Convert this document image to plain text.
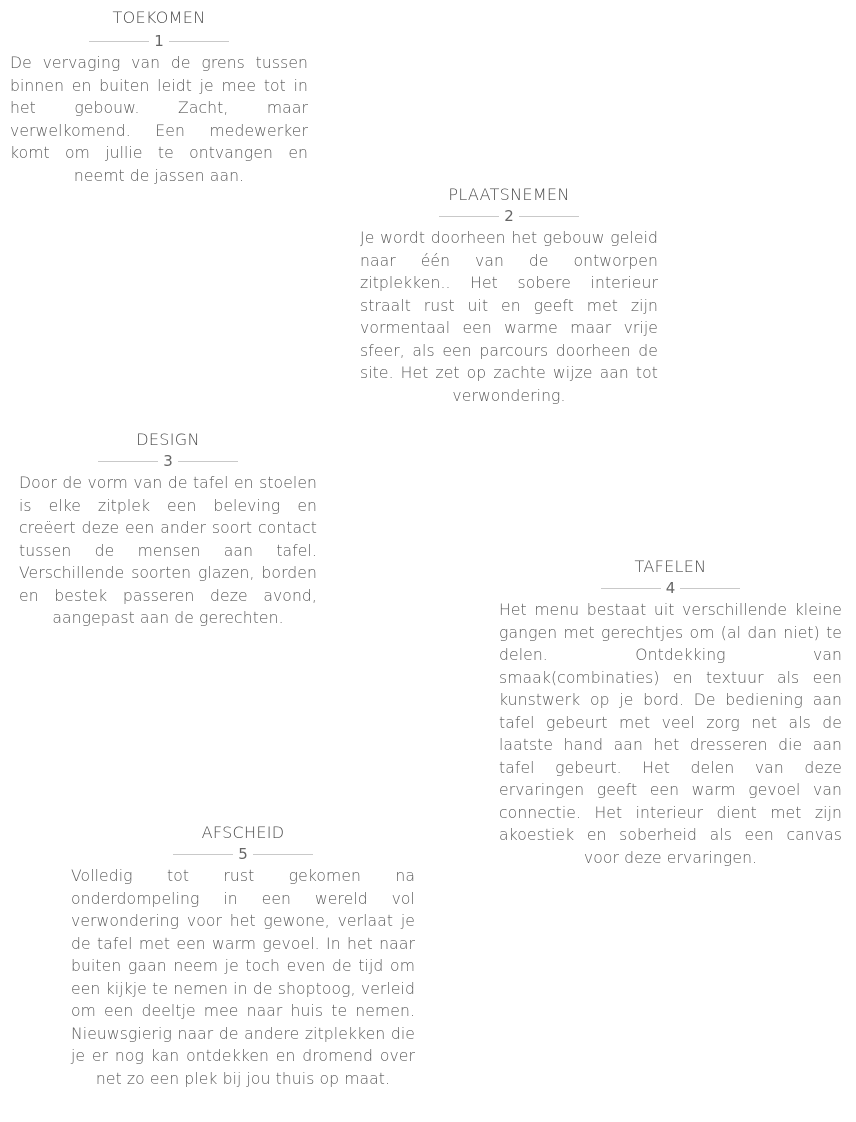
TOEKOMEN
1

De vervaging van de grens tussen binnen en buiten leidt je mee tot in het gebouw. Zacht, maar verwelkomend. Een medewerker komt om jullie te ontvangen en neemt de jassen aan.

PLAATSNEMEN
2

Je wordt doorheen het gebouw geleid naar één van de ontworpen zitplekken.. Het sobere interieur straalt rust uit en geeft met zijn vormentaal een warme maar vrije sfeer, als een parcours doorheen de site. Het zet op zachte wijze aan tot verwondering.

DESIGN
3

Door de vorm van de tafel en stoelen is elke zitplek een beleving en creëert deze een ander soort contact tussen de mensen aan tafel. Verschillende soorten glazen, borden en bestek passeren deze avond, aangepast aan de gerechten.

TAFELEN
4

Het menu bestaat uit verschillende kleine gangen met gerechtjes om (al dan niet) te delen. Ontdekking van smaak(combinaties) en textuur als een kunstwerk op je bord. De bediening aan tafel gebeurt met veel zorg net als de laatste hand aan het dresseren die aan tafel gebeurt. Het delen van deze ervaringen geeft een warm gevoel van connectie. Het interieur dient met zijn akoestiek en soberheid als een canvas voor deze ervaringen.

AFSCHEID
5

Volledig tot rust gekomen na onderdompeling in een wereld vol verwondering voor het gewone, verlaat je de tafel met een warm gevoel. In het naar buiten gaan neem je toch even de tijd om een kijkje te nemen in de shoptoog, verleid om een deeltje mee naar huis te nemen. Nieuwsgierig naar de andere zitplekken die je er nog kan ontdekken en dromend over net zo een plek bij jou thuis op maat.
